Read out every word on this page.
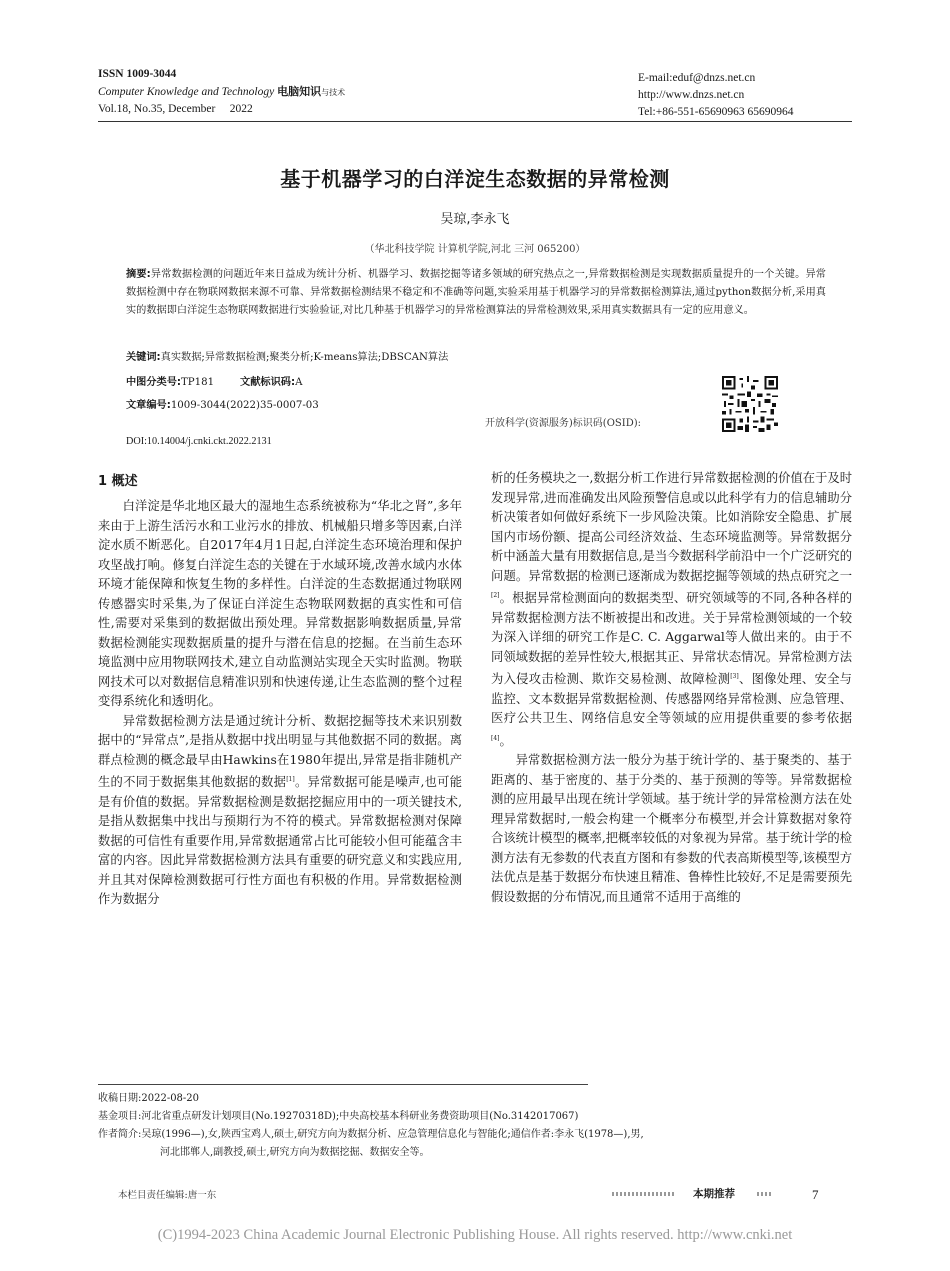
ISSN 1009-3044
Computer Knowledge and Technology 电脑知识与技术
Vol.18, No.35, December 2022
E-mail:eduf@dnzs.net.cn
http://www.dnzs.net.cn
Tel:+86-551-65690963 65690964
基于机器学习的白洋淀生态数据的异常检测
吴琼,李永飞
（华北科技学院 计算机学院,河北 三河 065200）
摘要:异常数据检测的问题近年来日益成为统计分析、机器学习、数据挖掘等诸多领域的研究热点之一,异常数据检测是实现数据质量提升的一个关键。异常数据检测中存在物联网数据来源不可靠、异常数据检测结果不稳定和不准确等问题,实验采用基于机器学习的异常数据检测算法,通过python数据分析,采用真实的数据即白洋淀生态物联网数据进行实验验证,对比几种基于机器学习的异常检测算法的异常检测效果,采用真实数据具有一定的应用意义。
关键词:真实数据;异常数据检测;聚类分析;K-means算法;DBSCAN算法
中图分类号:TP181	文献标识码:A
文章编号:1009-3044(2022)35-0007-03
开放科学(资源服务)标识码(OSID):
DOI:10.14004/j.cnki.ckt.2022.2131
1 概述

白洋淀是华北地区最大的湿地生态系统被称为“华北之肾”,多年来由于上游生活污水和工业污水的排放、机械船只增多等因素,白洋淀水质不断恶化。自2017年4月1日起,白洋淀生态环境治理和保护攻坚战打响。修复白洋淀生态的关键在于水域环境,改善水域内水体环境才能保障和恢复生物的多样性。白洋淀的生态数据通过物联网传感器实时采集,为了保证白洋淀生态物联网数据的真实性和可信性,需要对采集到的数据做出预处理。异常数据影响数据质量,异常数据检测能实现数据质量的提升与潜在信息的挖掘。在当前生态环境监测中应用物联网技术,建立自动监测站实现全天实时监测。物联网技术可以对数据信息精准识别和快速传递,让生态监测的整个过程变得系统化和透明化。

异常数据检测方法是通过统计分析、数据挖掘等技术来识别数据中的“异常点”,是指从数据中找出明显与其他数据不同的数据。离群点检测的概念最早由Hawkins在1980年提出,异常是指非随机产生的不同于数据集其他数据的数据[1]。异常数据可能是噪声,也可能是有价值的数据。异常数据检测是数据挖掘应用中的一项关键技术,是指从数据集中找出与预期行为不符的模式。异常数据检测对保障数据的可信性有重要作用,异常数据通常占比可能较小但可能蕴含丰富的内容。因此异常数据检测方法具有重要的研究意义和实践应用,并且其对保障检测数据可行性方面也有积极的作用。异常数据检测作为数据分

析的任务模块之一,数据分析工作进行异常数据检测的价值在于及时发现异常,进而准确发出风险预警信息或以此科学有力的信息辅助分析决策者如何做好系统下一步风险决策。比如消除安全隐患、扩展国内市场份额、提高公司经济效益、生态环境监测等。异常数据分析中涵盖大量有用数据信息,是当今数据科学前沿中一个广泛研究的问题。异常数据的检测已逐渐成为数据挖掘等领域的热点研究之一[2]。根据异常检测面向的数据类型、研究领域等的不同,各种各样的异常数据检测方法不断被提出和改进。关于异常检测领域的一个较为深入详细的研究工作是C. C. Aggarwal等人做出来的。由于不同领域数据的差异性较大,根据其正、异常状态情况。异常检测方法为入侵攻击检测、欺诈交易检测、故障检测[3]、图像处理、安全与监控、文本数据异常数据检测、传感器网络异常检测、应急管理、医疗公共卫生、网络信息安全等领域的应用提供重要的参考依据[4]。

异常数据检测方法一般分为基于统计学的、基于聚类的、基于距离的、基于密度的、基于分类的、基于预测的等等。异常数据检测的应用最早出现在统计学领域。基于统计学的异常检测方法在处理异常数据时,一般会构建一个概率分布模型,并会计算数据对象符合该统计模型的概率,把概率较低的对象视为异常。基于统计学的检测方法有无参数的代表直方图和有参数的代表高斯模型等,该模型方法优点是基于数据分布快速且精准、鲁棒性比较好,不足是需要预先假设数据的分布情况,而且通常不适用于高维的

收稿日期:2022-08-20
基金项目:河北省重点研发计划项目(No.19270318D);中央高校基本科研业务费资助项目(No.3142017067)
作者简介:吴琼(1996—),女,陕西宝鸡人,硕士,研究方向为数据分析、应急管理信息化与智能化;通信作者:李永飞(1978—),男,
河北邯郸人,副教授,硕士,研究方向为数据挖掘、数据安全等。
本栏目责任编辑:唐一东	本期推荐	7
(C)1994-2023 China Academic Journal Electronic Publishing House. All rights reserved. http://www.cnki.net
